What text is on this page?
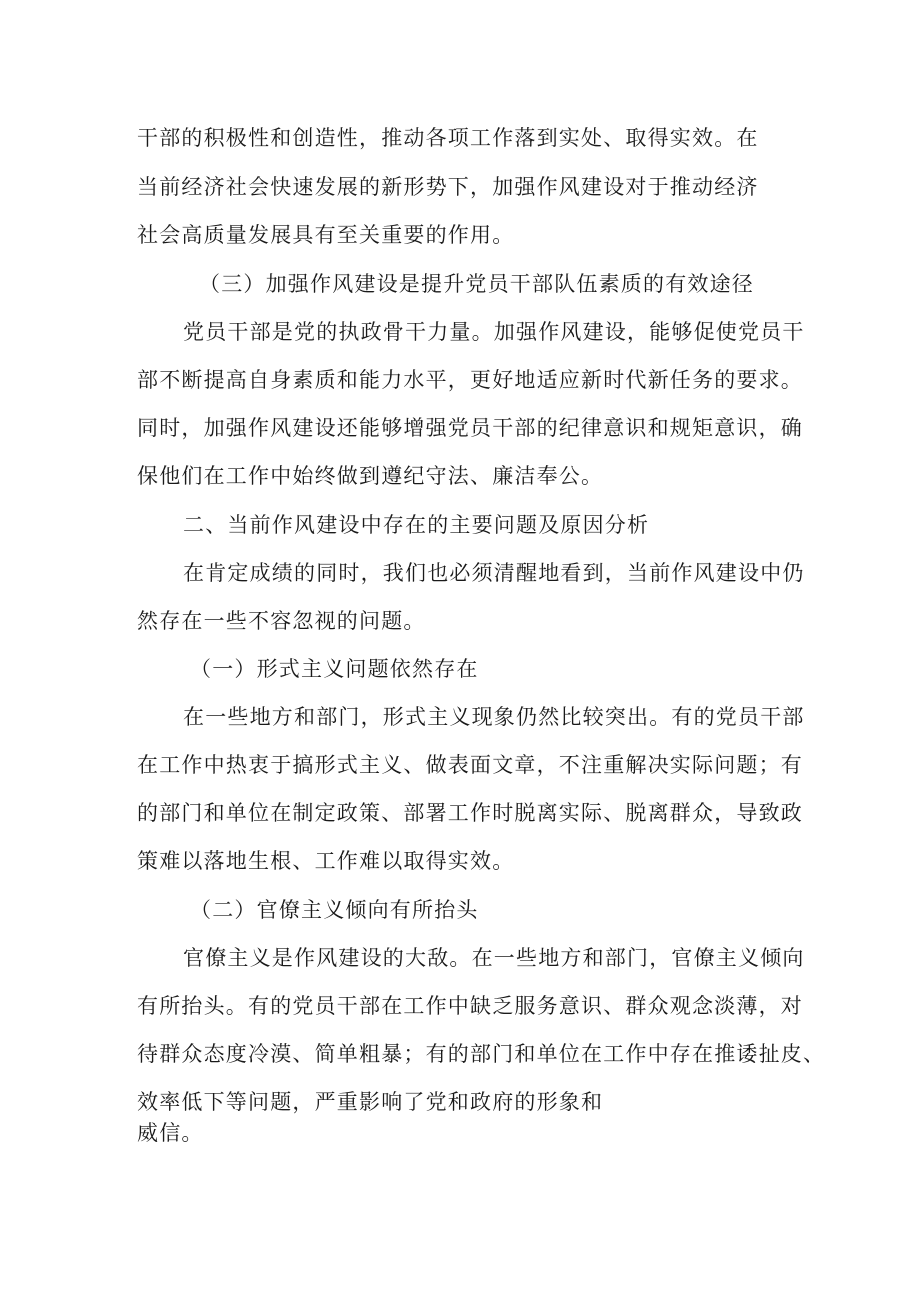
干部的积极性和创造性，推动各项工作落到实处、取得实效。在

当前经济社会快速发展的新形势下，加强作风建设对于推动经济

社会高质量发展具有至关重要的作用。

（三）加强作风建设是提升党员干部队伍素质的有效途径

党员干部是党的执政骨干力量。加强作风建设，能够促使党员干

部不断提高自身素质和能力水平，更好地适应新时代新任务的要求。

同时，加强作风建设还能够增强党员干部的纪律意识和规矩意识，确

保他们在工作中始终做到遵纪守法、廉洁奉公。

二、当前作风建设中存在的主要问题及原因分析

在肯定成绩的同时，我们也必须清醒地看到，当前作风建设中仍

然存在一些不容忽视的问题。

（一）形式主义问题依然存在

在一些地方和部门，形式主义现象仍然比较突出。有的党员干部

在工作中热衷于搞形式主义、做表面文章，不注重解决实际问题；有

的部门和单位在制定政策、部署工作时脱离实际、脱离群众，导致政

策难以落地生根、工作难以取得实效。

（二）官僚主义倾向有所抬头

官僚主义是作风建设的大敌。在一些地方和部门，官僚主义倾向

有所抬头。有的党员干部在工作中缺乏服务意识、群众观念淡薄，对

待群众态度冷漠、简单粗暴；有的部门和单位在工作中存在推诿扯皮、

效率低下等问题，严重影响了党和政府的形象和

威信。
